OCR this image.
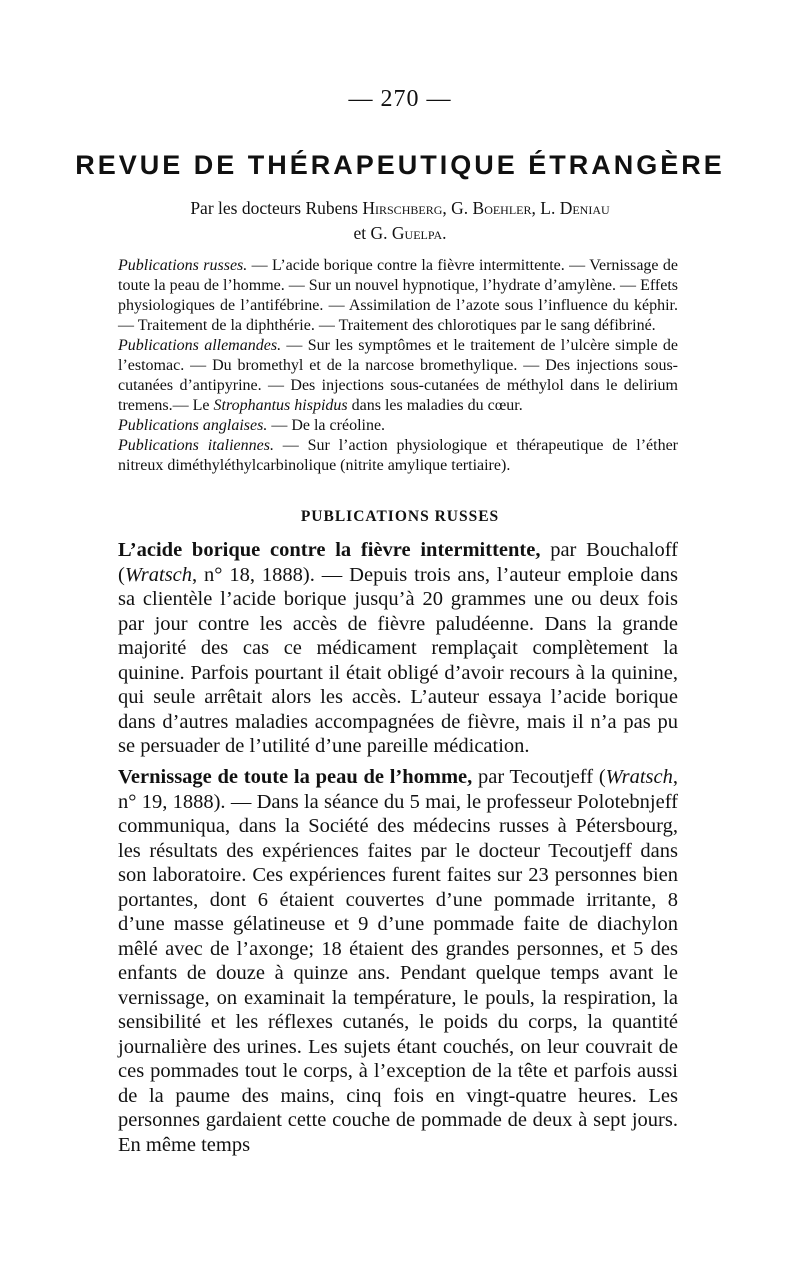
— 270 —
REVUE DE THÉRAPEUTIQUE ÉTRANGÈRE
Par les docteurs Rubens Hirschberg, G. Boehler, L. Deniau
et G. Guelpa.

Publications russes. — L’acide borique contre la fièvre intermittente. — Vernissage de toute la peau de l’homme. — Sur un nouvel hypnotique, l’hydrate d’amylène. — Effets physiologiques de l’antifébrine. — Assimilation de l’azote sous l’influence du képhir. — Traitement de la diphthérie. — Traitement des chlorotiques par le sang défibriné.

Publications allemandes. — Sur les symptômes et le traitement de l’ulcère simple de l’estomac. — Du bromethyl et de la narcose bromethylique. — Des injections sous-cutanées d’antipyrine. — Des injections sous-cutanées de méthylol dans le delirium tremens.— Le Strophantus hispidus dans les maladies du cœur.

Publications anglaises. — De la créoline.

Publications italiennes. — Sur l’action physiologique et thérapeutique de l’éther nitreux diméthyléthylcarbinolique (nitrite amylique tertiaire).

PUBLICATIONS RUSSES

L’acide borique contre la fièvre intermittente, par Bouchaloff (Wratsch, n° 18, 1888). — Depuis trois ans, l’auteur emploie dans sa clientèle l’acide borique jusqu’à 20 grammes une ou deux fois par jour contre les accès de fièvre paludéenne. Dans la grande majorité des cas ce médicament remplaçait complètement la quinine. Parfois pourtant il était obligé d’avoir recours à la quinine, qui seule arrêtait alors les accès. L’auteur essaya l’acide borique dans d’autres maladies accompagnées de fièvre, mais il n’a pas pu se persuader de l’utilité d’une pareille médication.

Vernissage de toute la peau de l’homme, par Tecoutjeff (Wratsch, n° 19, 1888). — Dans la séance du 5 mai, le professeur Polotebnjeff communiqua, dans la Société des médecins russes à Pétersbourg, les résultats des expériences faites par le docteur Tecoutjeff dans son laboratoire. Ces expériences furent faites sur 23 personnes bien portantes, dont 6 étaient couvertes d’une pommade irritante, 8 d’une masse gélatineuse et 9 d’une pommade faite de diachylon mêlé avec de l’axonge; 18 étaient des grandes personnes, et 5 des enfants de douze à quinze ans. Pendant quelque temps avant le vernissage, on examinait la température, le pouls, la respiration, la sensibilité et les réflexes cutanés, le poids du corps, la quantité journalière des urines. Les sujets étant couchés, on leur couvrait de ces pommades tout le corps, à l’exception de la tête et parfois aussi de la paume des mains, cinq fois en vingt-quatre heures. Les personnes gardaient cette couche de pommade de deux à sept jours. En même temps
